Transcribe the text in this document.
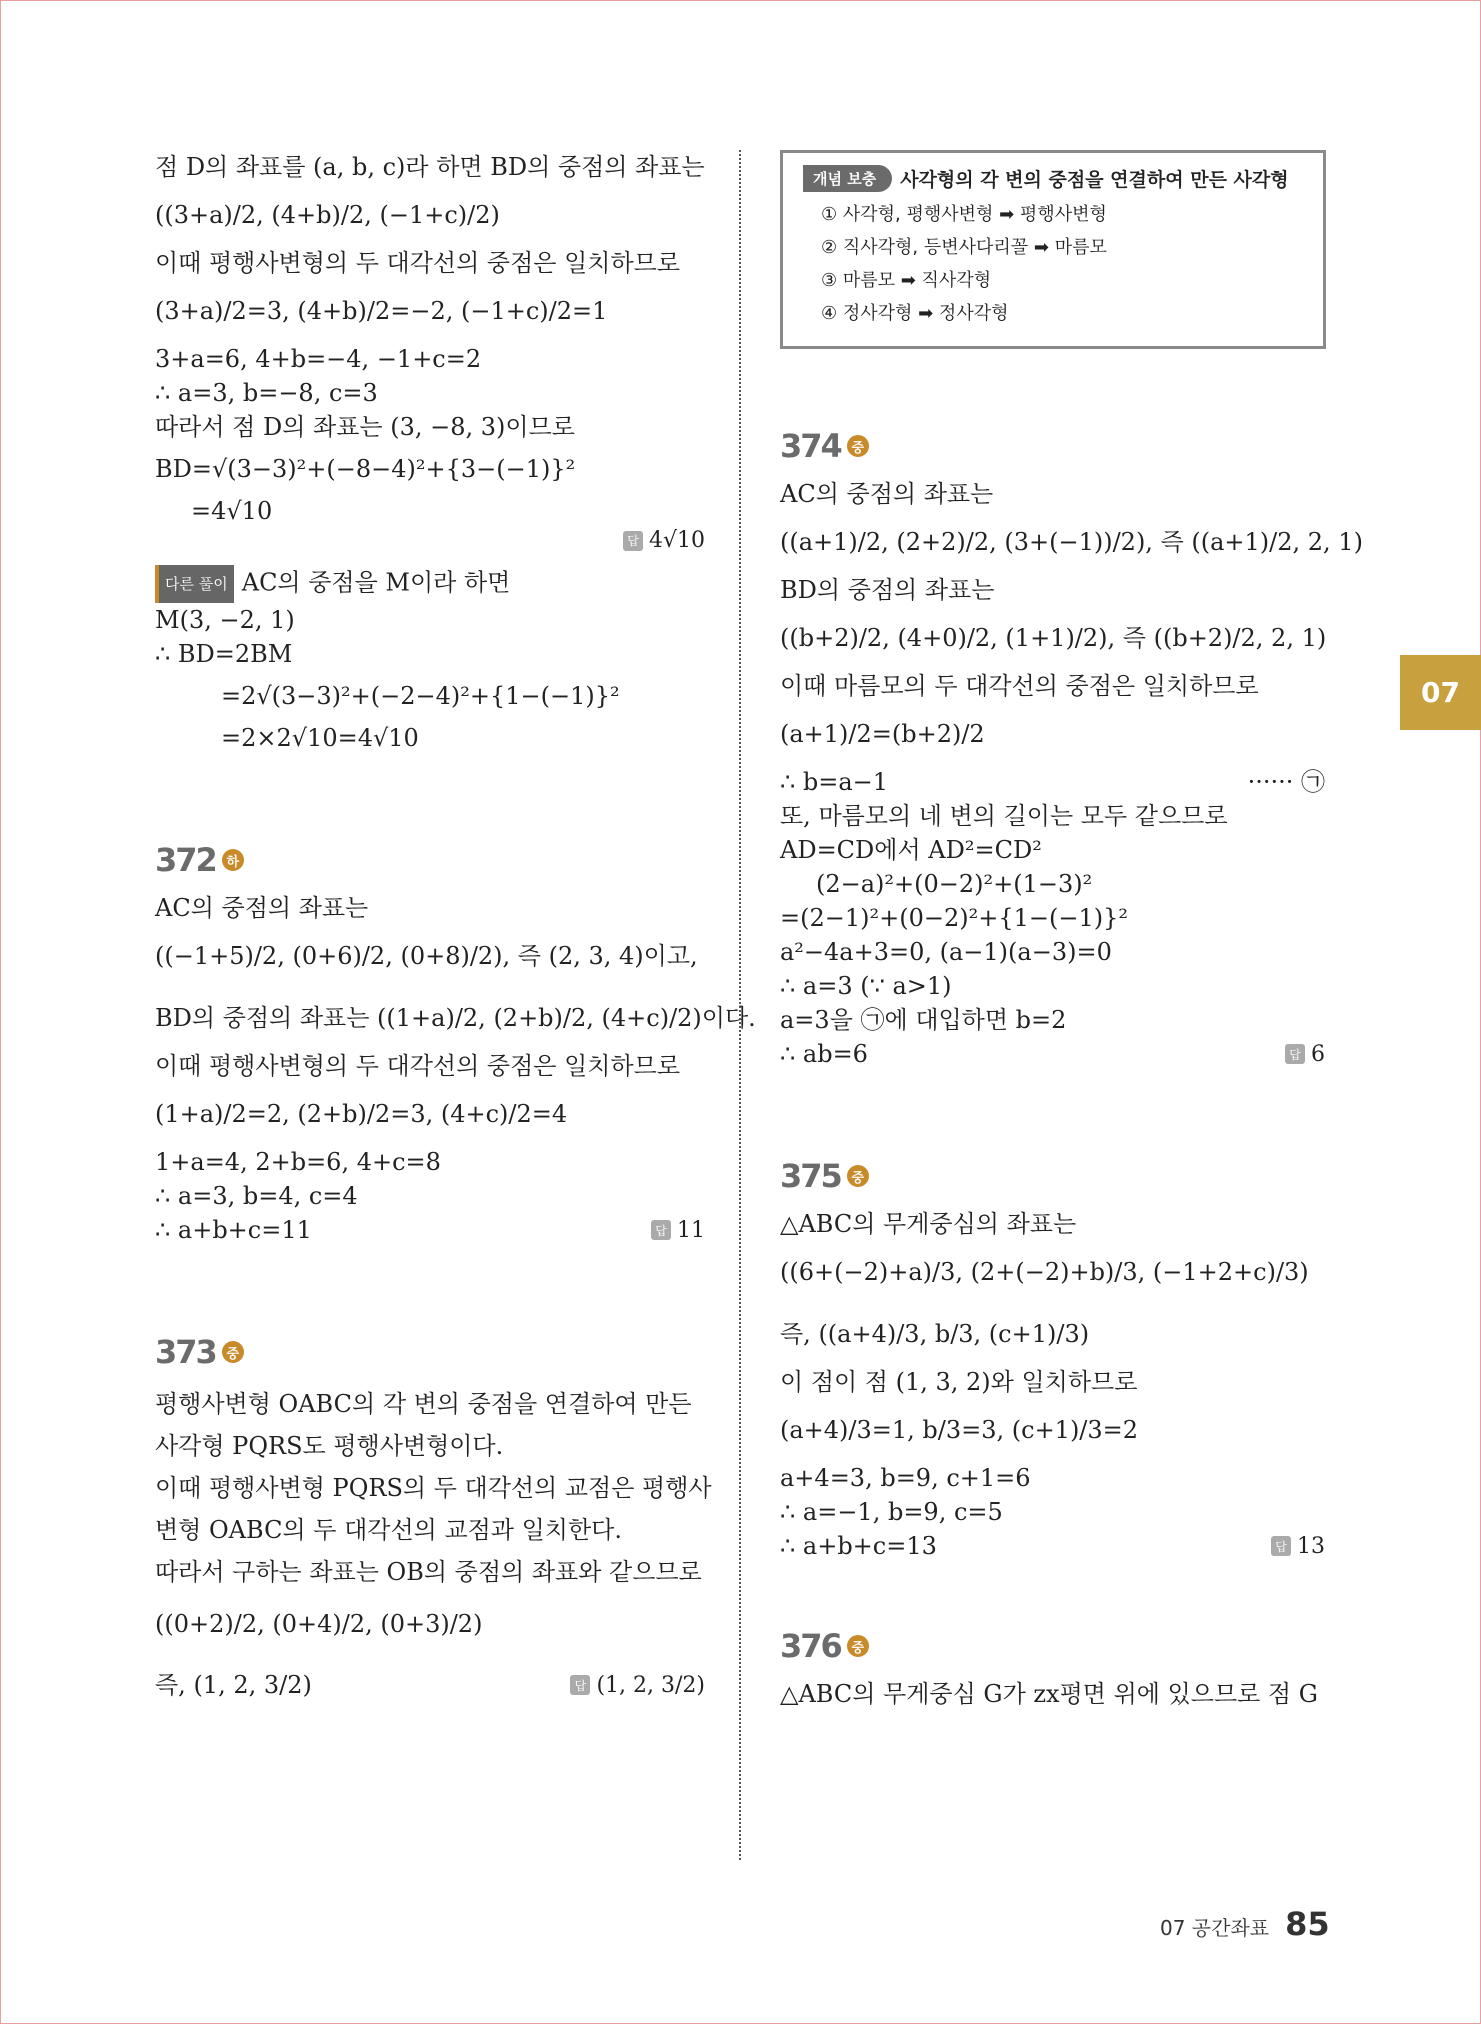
점 D의 좌표를 (a, b, c)라 하면 BD의 중점의 좌표는

((3+a)/2, (4+b)/2, (−1+c)/2)

이때 평행사변형의 두 대각선의 중점은 일치하므로

(3+a)/2=3, (4+b)/2=−2, (−1+c)/2=1

3+a=6, 4+b=−4, −1+c=2

∴ a=3, b=−8, c=3

따라서 점 D의 좌표는 (3, −8, 3)이므로

BD=√(3−3)²+(−8−4)²+{3−(−1)}²

=4√10

답 4√10

다른 풀이 AC의 중점을 M이라 하면

M(3, −2, 1)

∴ BD=2BM

=2√(3−3)²+(−2−4)²+{1−(−1)}²

=2×2√10=4√10

372 하

AC의 중점의 좌표는

((−1+5)/2, (0+6)/2, (0+8)/2), 즉 (2, 3, 4)이고,

BD의 중점의 좌표는 ((1+a)/2, (2+b)/2, (4+c)/2)이다.

이때 평행사변형의 두 대각선의 중점은 일치하므로

(1+a)/2=2, (2+b)/2=3, (4+c)/2=4

1+a=4, 2+b=6, 4+c=8

∴ a=3, b=4, c=4

∴ a+b+c=11	답 11
373 중

평행사변형 OABC의 각 변의 중점을 연결하여 만든

사각형 PQRS도 평행사변형이다.

이때 평행사변형 PQRS의 두 대각선의 교점은 평행사

변형 OABC의 두 대각선의 교점과 일치한다.

따라서 구하는 좌표는 OB의 중점의 좌표와 같으므로

((0+2)/2, (0+4)/2, (0+3)/2)

즉, (1, 2, 3/2)	답 (1, 2, 3/2)
개념 보충	사각형의 각 변의 중점을 연결하여 만든 사각형
① 사각형, 평행사변형 ➡ 평행사변형
② 직사각형, 등변사다리꼴 ➡ 마름모
③ 마름모 ➡ 직사각형
④ 정사각형 ➡ 정사각형
374 중

AC의 중점의 좌표는

((a+1)/2, (2+2)/2, (3+(−1))/2), 즉 ((a+1)/2, 2, 1)

BD의 중점의 좌표는

((b+2)/2, (4+0)/2, (1+1)/2), 즉 ((b+2)/2, 2, 1)

이때 마름모의 두 대각선의 중점은 일치하므로

(a+1)/2=(b+2)/2

∴ b=a−1	······ ㉠

또, 마름모의 네 변의 길이는 모두 같으므로

AD=CD에서 AD²=CD²

(2−a)²+(0−2)²+(1−3)²

=(2−1)²+(0−2)²+{1−(−1)}²

a²−4a+3=0, (a−1)(a−3)=0

∴ a=3 (∵ a>1)

a=3을 ㉠에 대입하면 b=2

∴ ab=6	답 6
375 중

△ABC의 무게중심의 좌표는

((6+(−2)+a)/3, (2+(−2)+b)/3, (−1+2+c)/3)

즉, ((a+4)/3, b/3, (c+1)/3)

이 점이 점 (1, 3, 2)와 일치하므로

(a+4)/3=1, b/3=3, (c+1)/3=2

a+4=3, b=9, c+1=6

∴ a=−1, b=9, c=5

∴ a+b+c=13	답 13
376 중

△ABC의 무게중심 G가 zx평면 위에 있으므로 점 G

07
07 공간좌표 85
